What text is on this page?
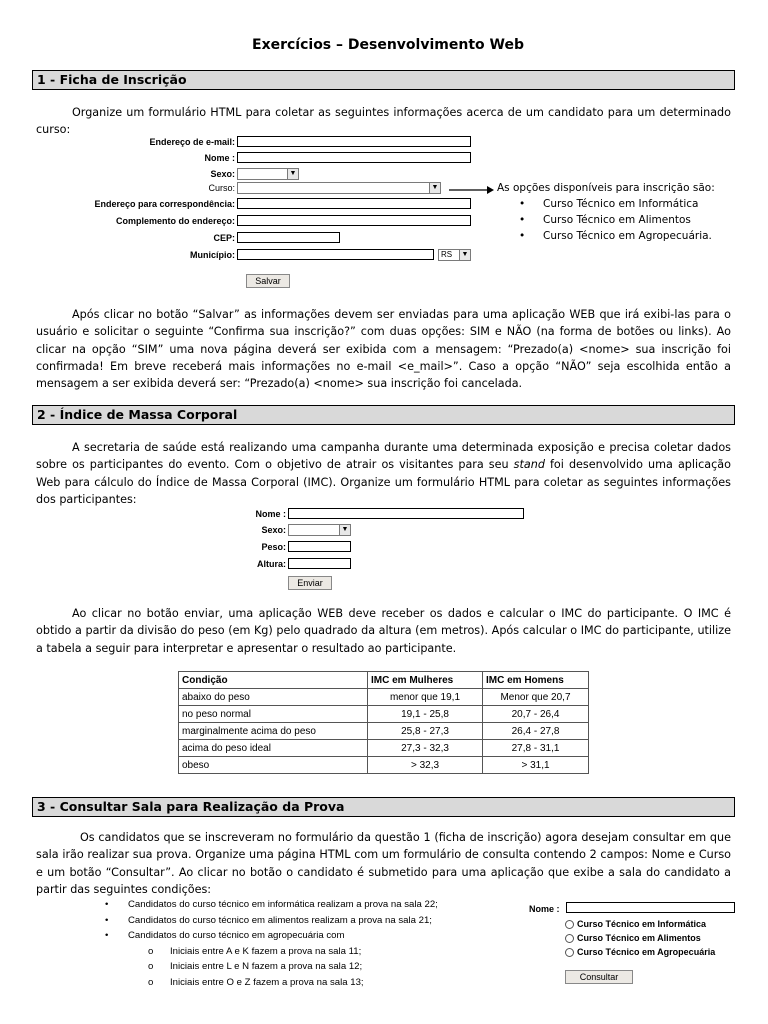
Exercícios – Desenvolvimento Web
1 - Ficha de Inscrição

Organize um formulário HTML para coletar as seguintes informações acerca de um candidato para um determinado curso:

Endereço de e-mail:
Nome :
Sexo:	▼
Curso:	▼
Endereço para correspondência:
Complemento do endereço:
CEP:
Município:	RS	▼
Salvar
As opções disponíveis para inscrição são:
• Curso Técnico em Informática
• Curso Técnico em Alimentos
• Curso Técnico em Agropecuária.

Após clicar no botão “Salvar” as informações devem ser enviadas para uma aplicação WEB que irá exibi-las para o usuário e solicitar o seguinte “Confirma sua inscrição?” com duas opções: SIM e NÃO (na forma de botões ou links). Ao clicar na opção “SIM” uma nova página deverá ser exibida com a mensagem: “Prezado(a) <nome> sua inscrição foi confirmada! Em breve receberá mais informações no e-mail <e_mail>”. Caso a opção “NÃO” seja escolhida então a mensagem a ser exibida deverá ser: “Prezado(a) <nome> sua inscrição foi cancelada.

2 - Índice de Massa Corporal

A secretaria de saúde está realizando uma campanha durante uma determinada exposição e precisa coletar dados sobre os participantes do evento. Com o objetivo de atrair os visitantes para seu stand foi desenvolvido uma aplicação Web para cálculo do Índice de Massa Corporal (IMC). Organize um formulário HTML para coletar as seguintes informações dos participantes:

Nome :
Sexo:	▼
Peso:
Altura:
Enviar

Ao clicar no botão enviar, uma aplicação WEB deve receber os dados e calcular o IMC do participante. O IMC é obtido a partir da divisão do peso (em Kg) pelo quadrado da altura (em metros). Após calcular o IMC do participante, utilize a tabela a seguir para interpretar e apresentar o resultado ao participante.

Condição	IMC em Mulheres	IMC em Homens
abaixo do peso	menor que 19,1	Menor que 20,7
no peso normal	19,1 - 25,8	20,7 - 26,4
marginalmente acima do peso	25,8 - 27,3	26,4 - 27,8
acima do peso ideal	27,3 - 32,3	27,8 - 31,1
obeso	> 32,3	> 31,1
3 - Consultar Sala para Realização da Prova

Os candidatos que se inscreveram no formulário da questão 1 (ficha de inscrição) agora desejam consultar em que sala irão realizar sua prova. Organize uma página HTML com um formulário de consulta contendo 2 campos: Nome e Curso e um botão “Consultar”. Ao clicar no botão o candidato é submetido para uma aplicação que exibe a sala do candidato a partir das seguintes condições:

• Candidatos do curso técnico em informática realizam a prova na sala 22;
• Candidatos do curso técnico em alimentos realizam a prova na sala 21;
• Candidatos do curso técnico em agropecuária com
o Iniciais entre A e K fazem a prova na sala 11;
o Iniciais entre L e N fazem a prova na sala 12;
o Iniciais entre O e Z fazem a prova na sala 13;
Nome :
Curso Técnico em Informática
Curso Técnico em Alimentos
Curso Técnico em Agropecuária
Consultar
